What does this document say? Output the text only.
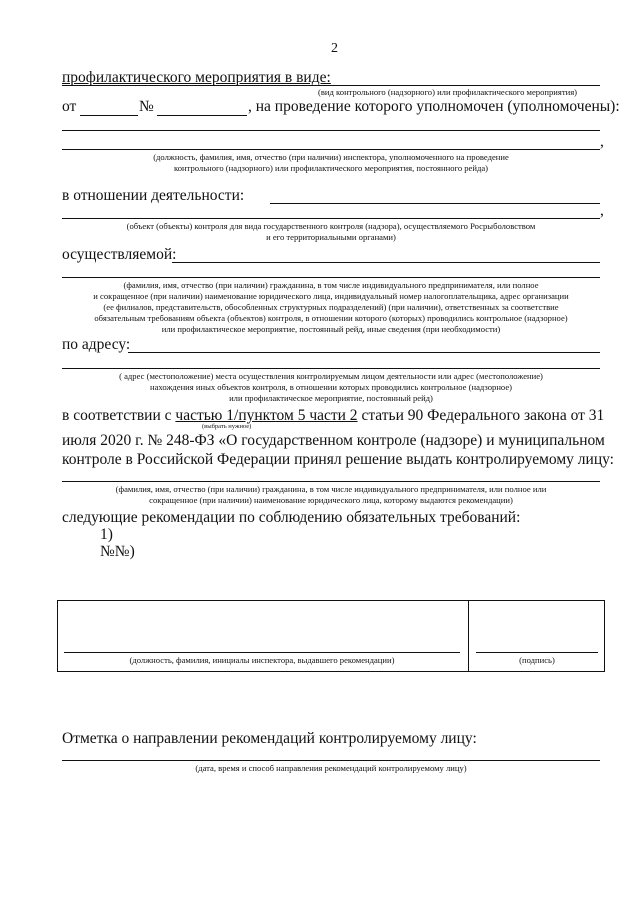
2
профилактического мероприятия в виде:
(вид контрольного (надзорного) или профилактического мероприятия)
от	№	, на проведение которого уполномочен (уполномочены):
,
(должность, фамилия, имя, отчество (при наличии) инспектора, уполномоченного на проведение
контрольного (надзорного) или профилактического мероприятия, постоянного рейда)
в отношении деятельности:
,
(объект (объекты) контроля для вида государственного контроля (надзора), осуществляемого Росрыболовством
и его территориальными органами)
осуществляемой:
(фамилия, имя, отчество (при наличии) гражданина, в том числе индивидуального предпринимателя, или полное
и сокращенное (при наличии) наименование юридического лица, индивидуальный номер налогоплательщика, адрес организации
(ее филиалов, представительств, обособленных структурных подразделений) (при наличии), ответственных за соответствие
обязательным требованиям объекта (объектов) контроля, в отношении которого (которых) проводились контрольное (надзорное)
или профилактическое мероприятие, постоянный рейд, иные сведения (при необходимости)
по адресу:
( адрес (местоположение) места осуществления контролируемым лицом деятельности или адрес (местоположение)
нахождения иных объектов контроля, в отношении которых проводились контрольное (надзорное)
или профилактическое мероприятие, постоянный рейд)
в соответствии с частью 1/пунктом 5 части 2 статьи 90 Федерального закона от 31
(выбрать нужное)
июля 2020 г. № 248-ФЗ «О государственном контроле (надзоре) и муниципальном
контроле в Российской Федерации принял решение выдать контролируемому лицу:
(фамилия, имя, отчество (при наличии) гражданина, в том числе индивидуального предпринимателя, или полное или
сокращенное (при наличии) наименование юридического лица, которому выдаются рекомендации)
следующие рекомендации по соблюдению обязательных требований:
1)
№№)
(должность, фамилия, инициалы инспектора, выдавшего рекомендации)	(подпись)
Отметка о направлении рекомендаций контролируемому лицу:
(дата, время и способ направления рекомендаций контролируемому лицу)
